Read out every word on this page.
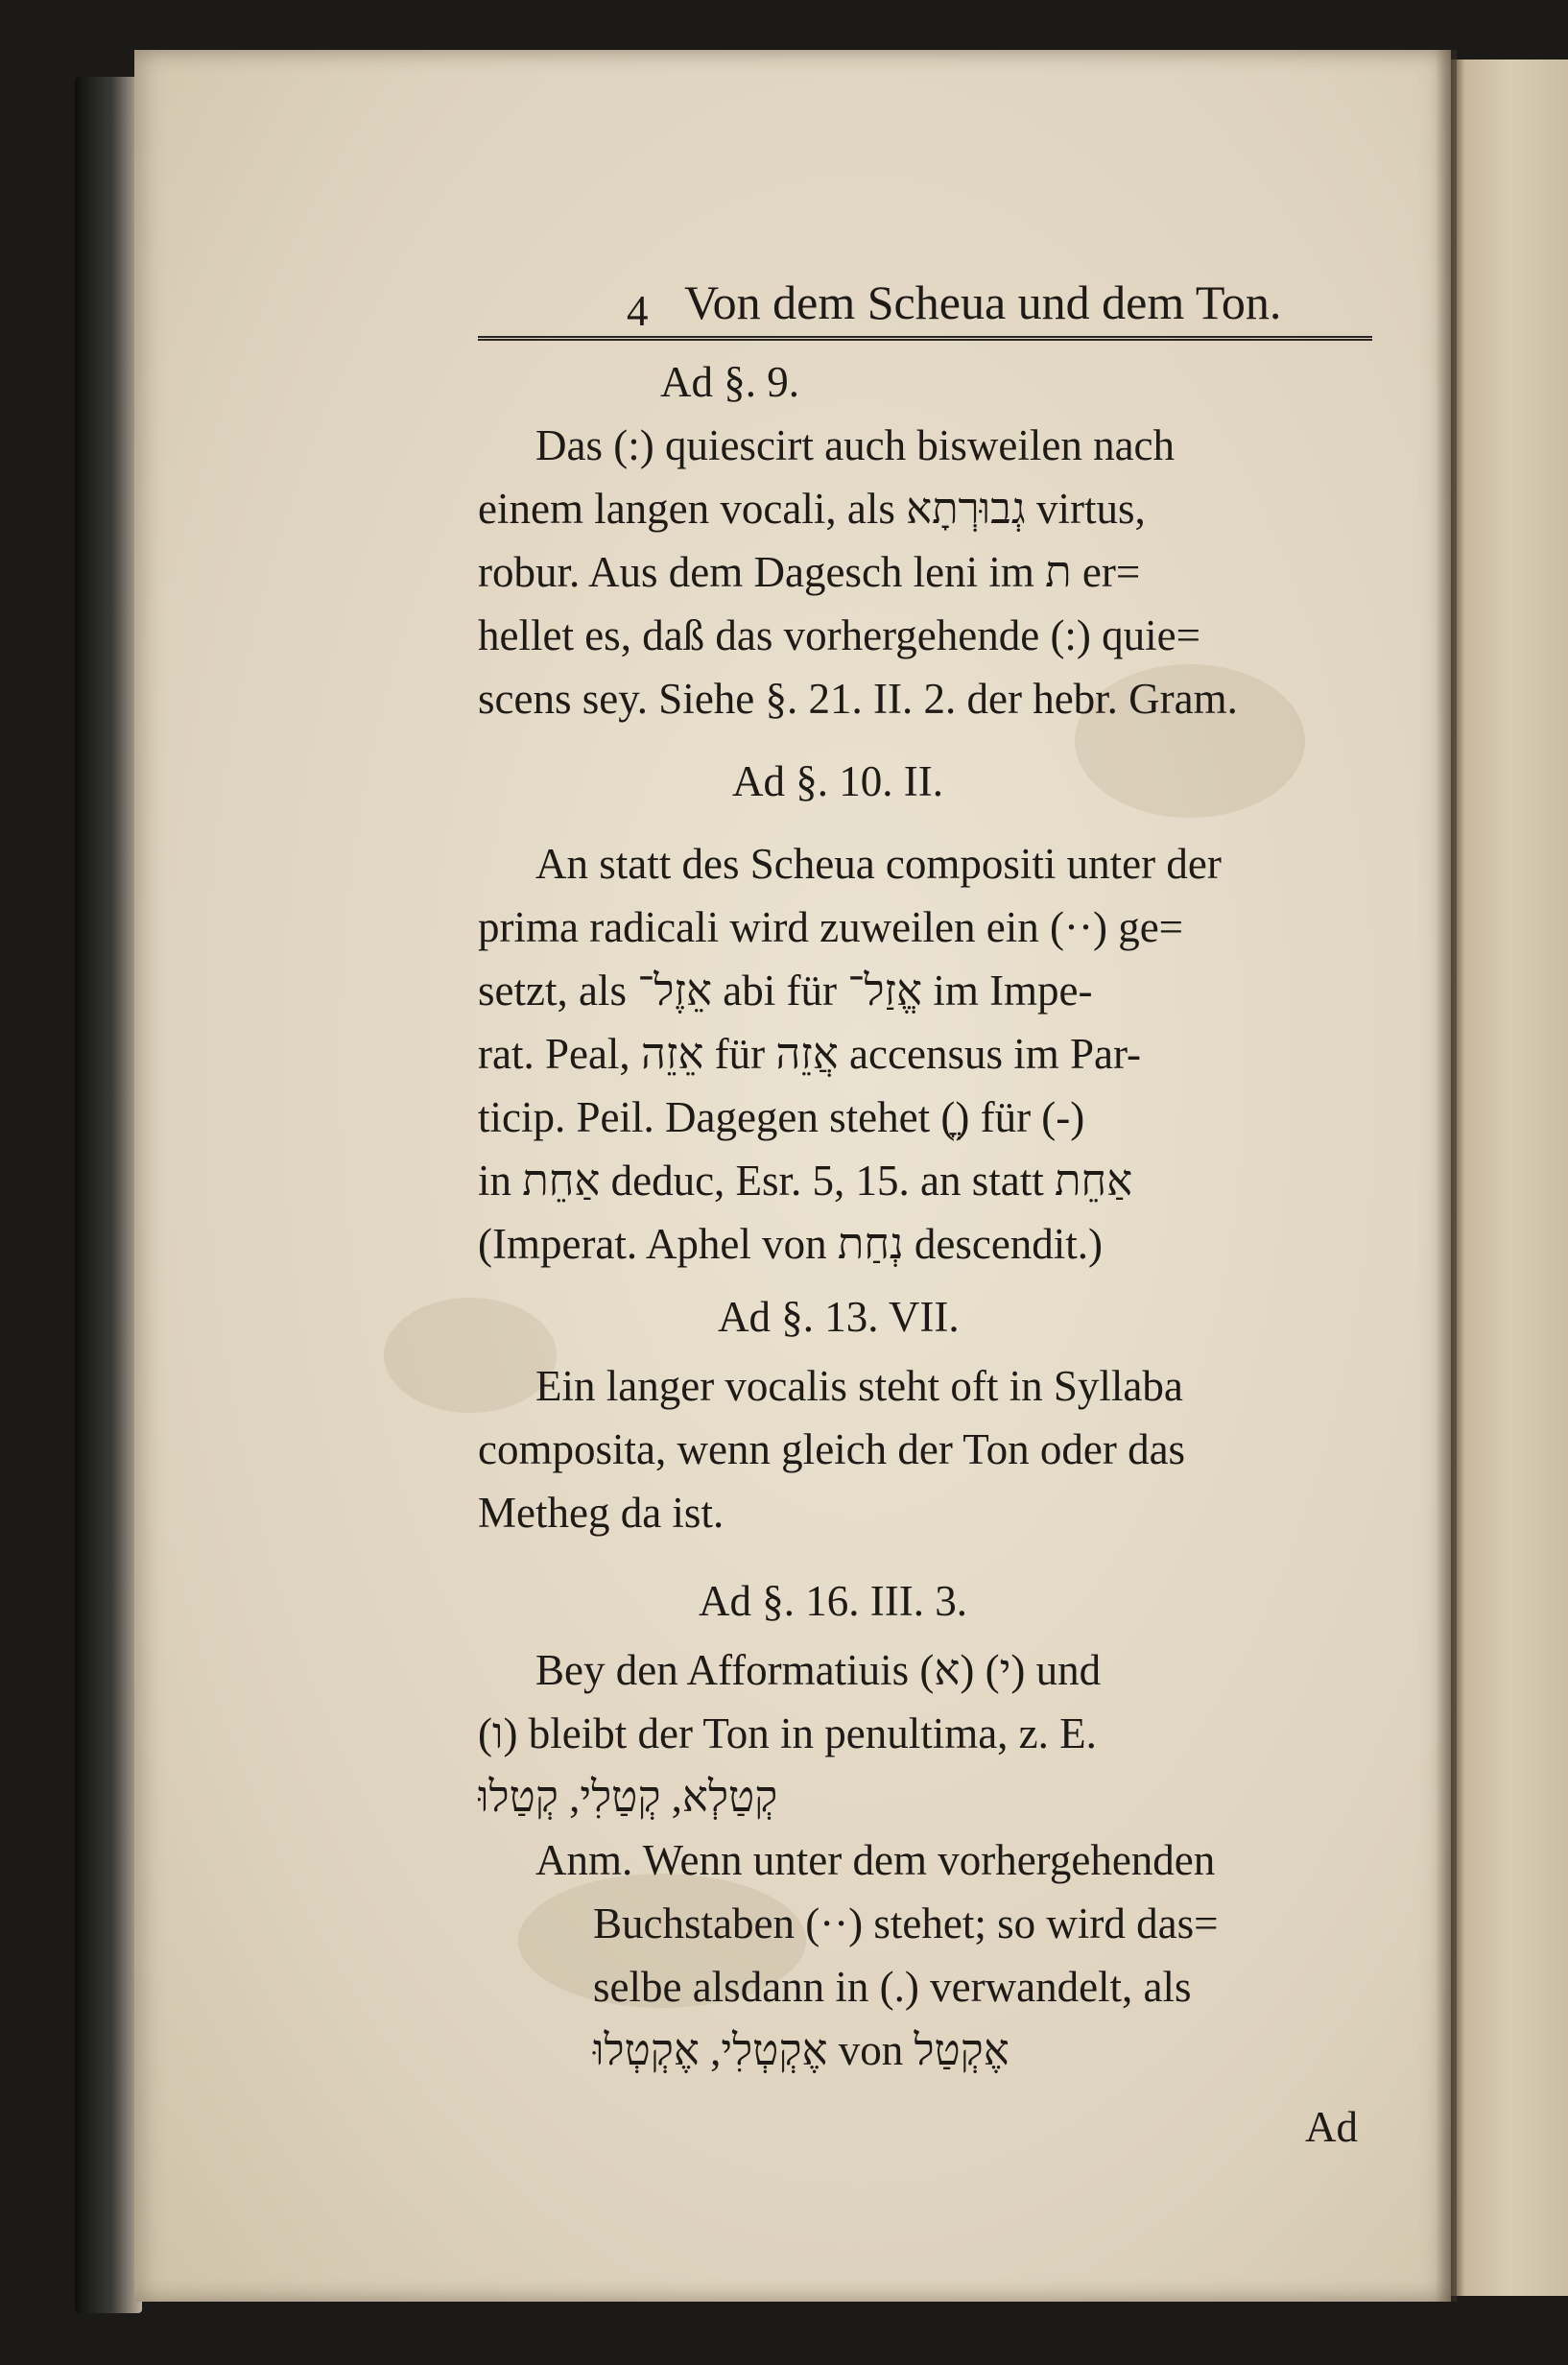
4 Von dem Scheua und dem Ton.
Ad §. 9.
Das (:) quiescirt auch bisweilen nach
einem langen vocali, als גְבוּרְתָא virtus,
robur. Aus dem Dagesch leni im ת er=
hellet es, daß das vorhergehende (:) quie=
scens sey. Siehe §. 21. II. 2. der hebr. Gram.
Ad §. 10. II.
An statt des Scheua compositi unter der
prima radicali wird zuweilen ein (··) ge=
setzt, als אֵזֶל־ abi für אֱזַל־ im Impe-
rat. Peal, אֵזֵה für אֲזֵה accensus im Par-
ticip. Peil. Dagegen stehet (ֳ) für (-)
in אַחֵת deduc, Esr. 5, 15. an statt אַחֵת
(Imperat. Aphel von נְחַת descendit.)
Ad §. 13. VII.
Ein langer vocalis steht oft in Syllaba
composita, wenn gleich der Ton oder das
Metheg da ist.
Ad §. 16. III. 3.
Bey den Afformatiuis (א) (י) und
(ו) bleibt der Ton in penultima, z. E.
קְטַלְא, קְטַלִי, קְטַלוּ
Anm. Wenn unter dem vorhergehenden
Buchstaben (··) stehet; so wird das=
selbe alsdann in (.) verwandelt, als
אֶקְטְלִי, אֶקְטְלוּ von אֶקְטַל
Ad
